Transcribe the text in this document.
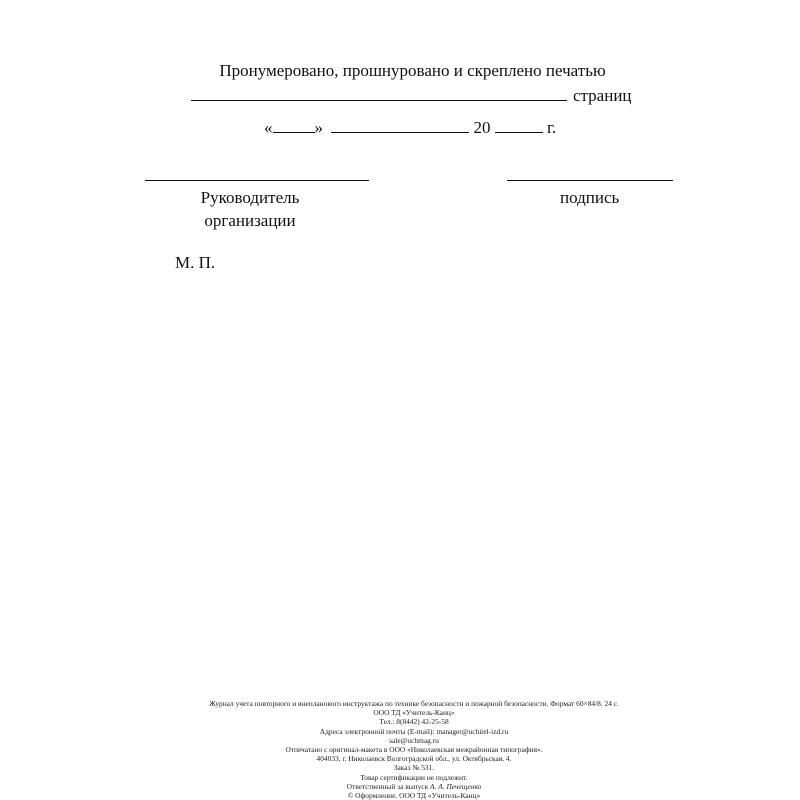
Пронумеровано, прошнуровано и скреплено печатью
страниц
« »	20	г.
Руководитель организации
подпись
М. П.
Журнал учета повторного и внепланового инструктажа по технике безопасности и пожарной безопасности. Формат 60×84/8. 24 с.
ООО ТД «Учитель-Канц»
Тел.: 8(8442) 42-25-58
Адреса электронной почты (E-mail): manager@uchitel-izd.ru
sale@uchmag.ru
Отпечатано с оригинал-макета в ООО «Николаевская межрайонная типография».
404033, г. Николаевск Волгоградской обл., ул. Октябрьская, 4.
Заказ № 531.
Товар сертификации не подлежит.
Ответственный за выпуск А. А. Печещенко
© Оформление. ООО ТД «Учитель-Канц»
